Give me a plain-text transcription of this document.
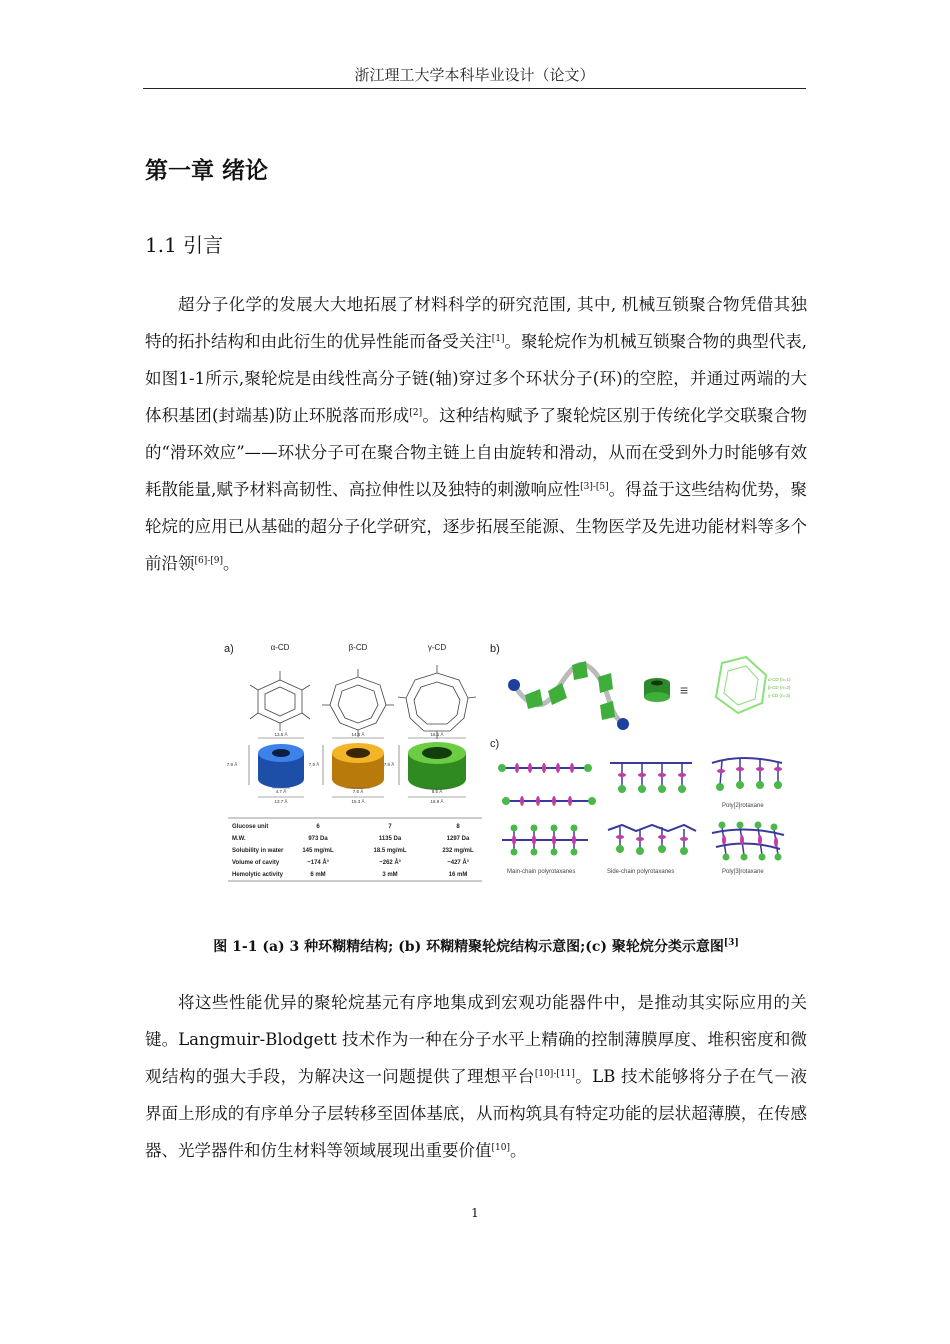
浙江理工大学本科毕业设计（论文）
第一章 绪论
1.1 引言

超分子化学的发展大大地拓展了材料科学的研究范围, 其中, 机械互锁聚合物凭借其独特的拓扑结构和由此衍生的优异性能而备受关注[1]。聚轮烷作为机械互锁聚合物的典型代表, 如图1-1所示,聚轮烷是由线性高分子链(轴)穿过多个环状分子(环)的空腔，并通过两端的大体积基团(封端基)防止环脱落而形成[2]。这种结构赋予了聚轮烷区别于传统化学交联聚合物的“滑环效应”——环状分子可在聚合物主链上自由旋转和滑动，从而在受到外力时能够有效耗散能量,赋予材料高韧性、高拉伸性以及独特的刺激响应性[3]-[5]。得益于这些结构优势，聚轮烷的应用已从基础的超分子化学研究，逐步拓展至能源、生物医学及先进功能材料等多个前沿领[6]-[9]。

a)	b)
c)
α-CD	β-CD	γ-CD
13.5 Å	14.6 Å	16.1 Å
4.7 Å	7.5 Å	8.5 Å
13.7 Å	15.3 Å	16.9 Å
7.9 Å	7.9 Å	7.9 Å
Glucose unit	6	7	8
M.W.	973 Da	1135 Da	1297 Da
Solubility in water	145 mg/mL	18.5 mg/mL	232 mg/mL
Volume of cavity	~174 Å³	~262 Å³	~427 Å³
Hemolytic activity	6 mM	3 mM	16 mM
≡
α-CD (n=1)
β-CD (n=2)
γ-CD (n=3)
Poly[2]rotaxane
Main-chain polyrotaxanes	Side-chain polyrotaxanes	Poly[3]rotaxane
图 1-1 (a) 3 种环糊精结构; (b) 环糊精聚轮烷结构示意图;(c) 聚轮烷分类示意图[3]

将这些性能优异的聚轮烷基元有序地集成到宏观功能器件中，是推动其实际应用的关键。Langmuir-Blodgett 技术作为一种在分子水平上精确的控制薄膜厚度、堆积密度和微观结构的强大手段，为解决这一问题提供了理想平台[10]-[11]。LB 技术能够将分子在气－液界面上形成的有序单分子层转移至固体基底，从而构筑具有特定功能的层状超薄膜，在传感器、光学器件和仿生材料等领域展现出重要价值[10]。

1
